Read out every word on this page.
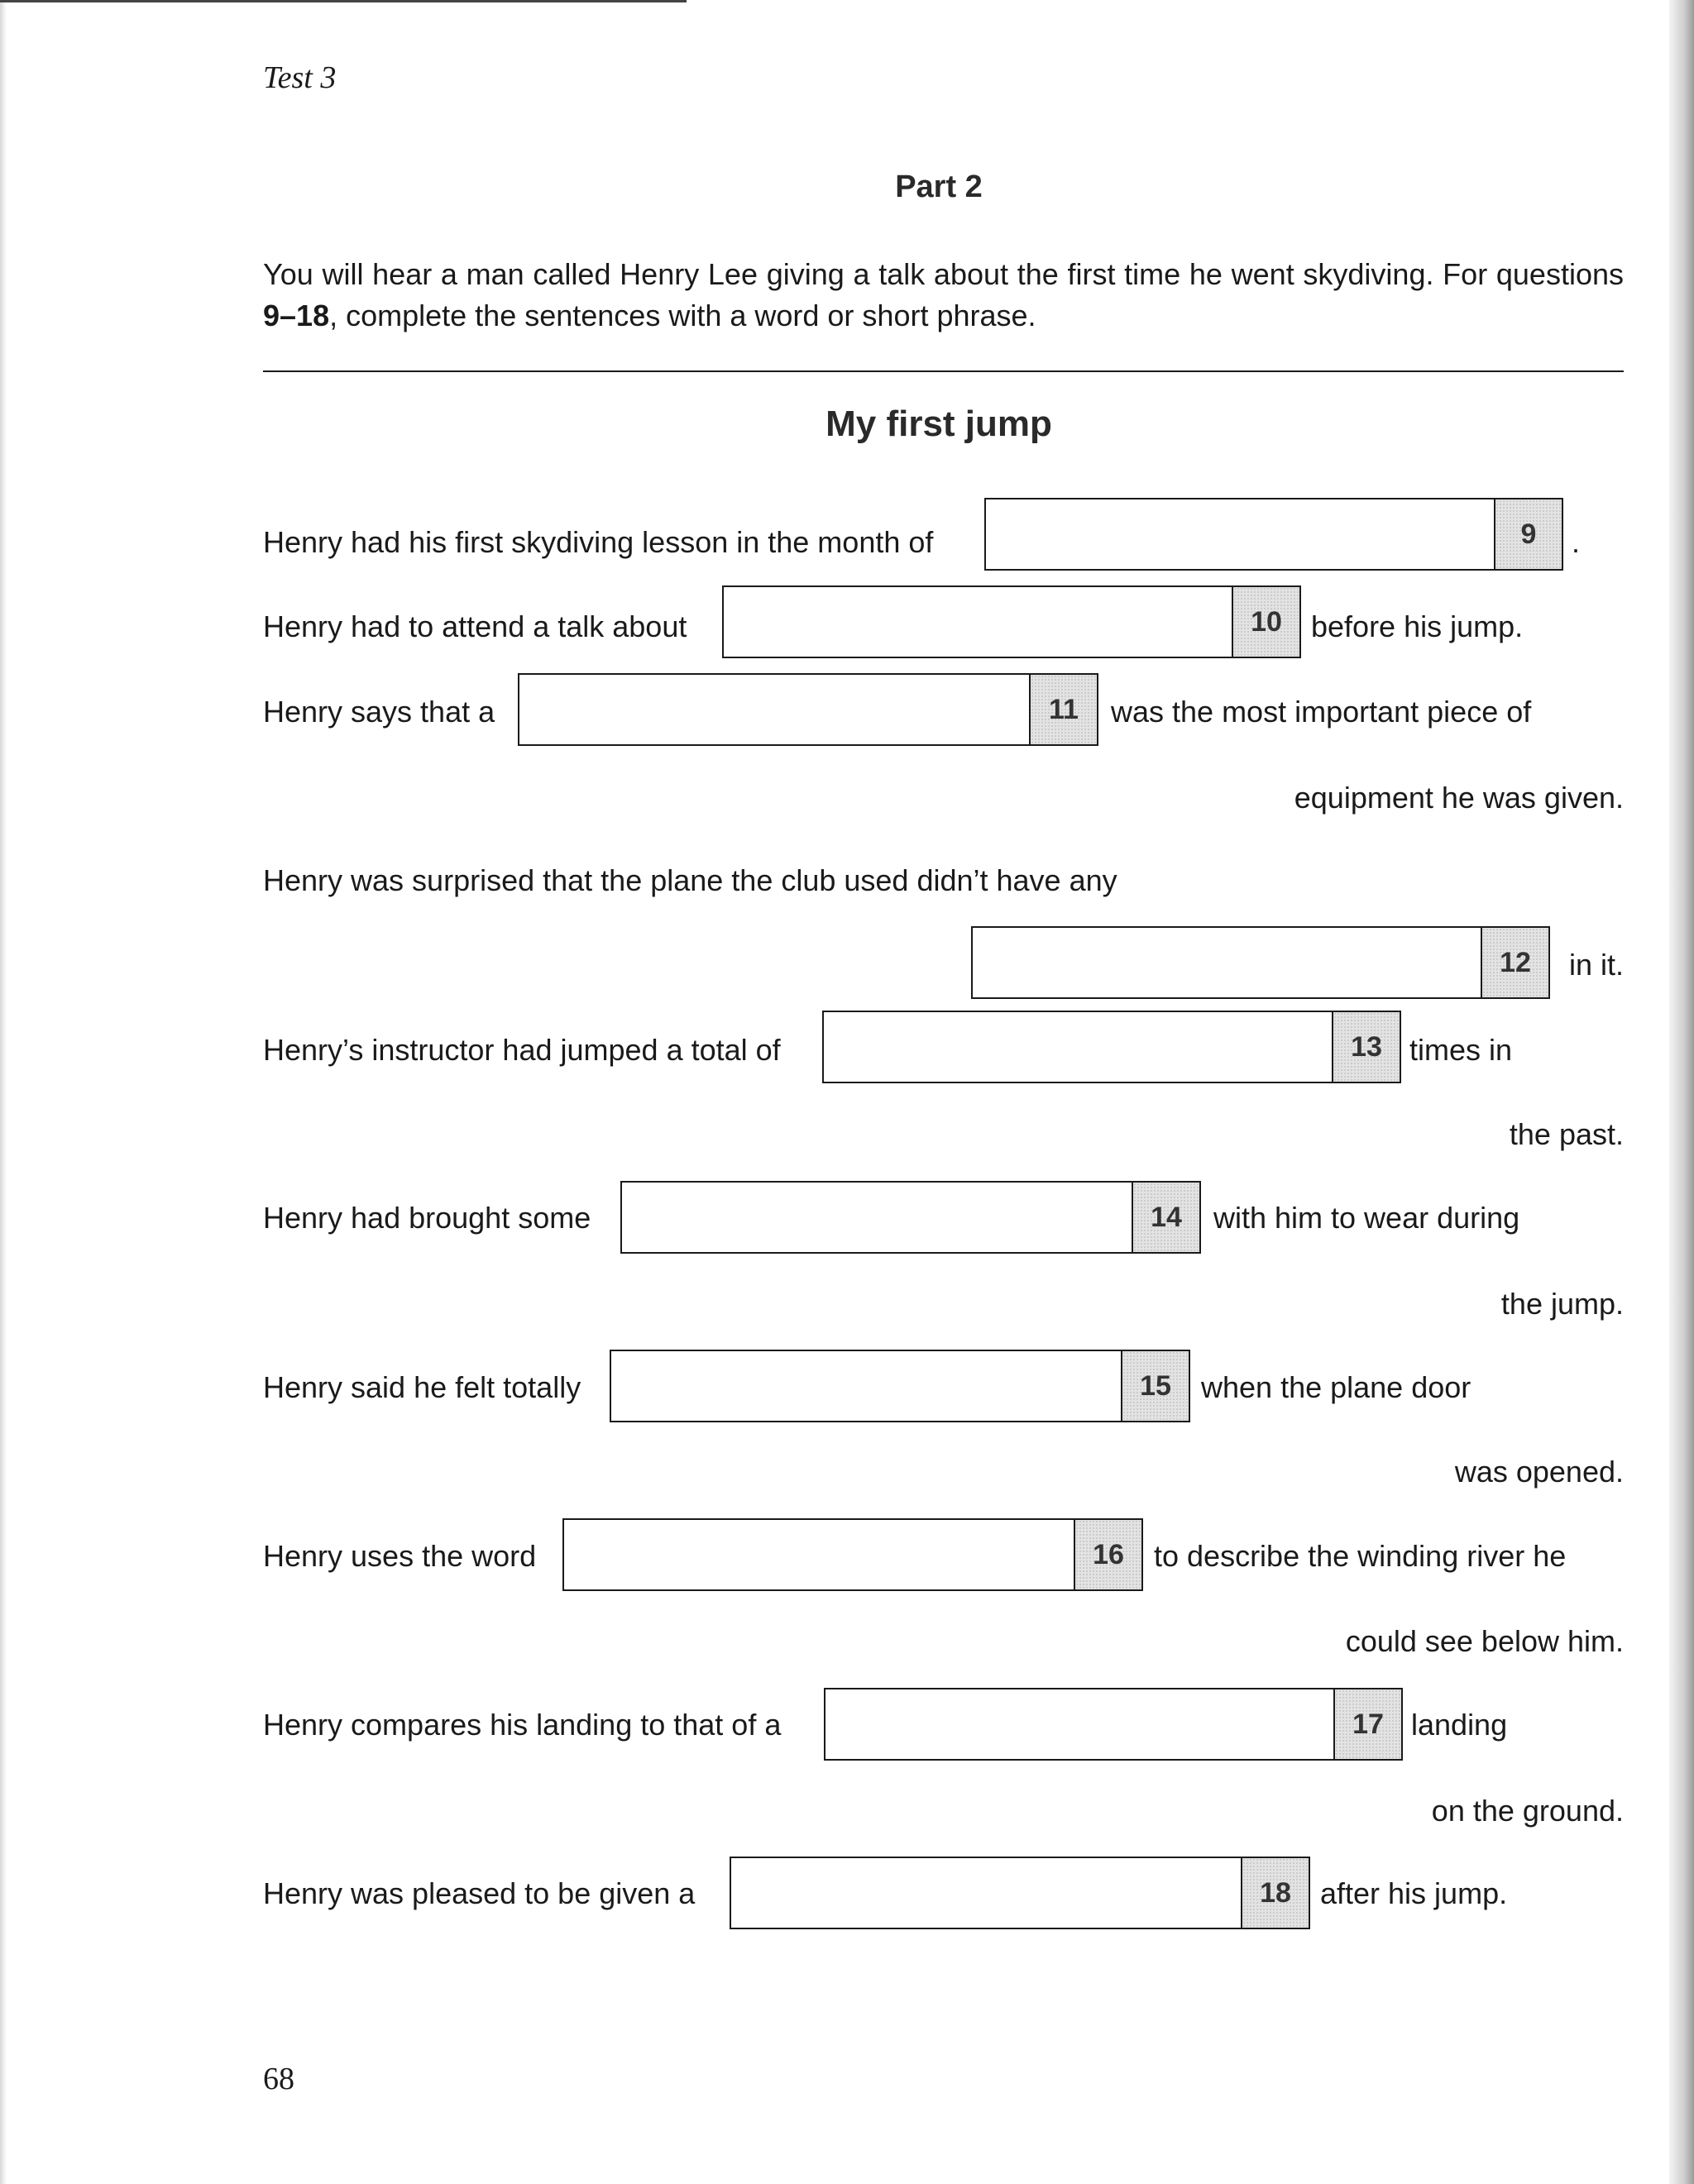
Test 3
Part 2
You will hear a man called Henry Lee giving a talk about the first time he went skydiving. For questions 9–18, complete the sentences with a word or short phrase.
My first jump
Henry had his first skydiving lesson in the month of	9	.
Henry had to attend a talk about	10 before his jump.
Henry says that a	11	was the most important piece of
equipment he was given.
Henry was surprised that the plane the club used didn’t have any
12	in it.
Henry’s instructor had jumped a total of	13 times in
the past.
Henry had brought some	14	with him to wear during
the jump.
Henry said he felt totally	15	when the plane door
was opened.
Henry uses the word	16	to describe the winding river he
could see below him.
Henry compares his landing to that of a	17 landing
on the ground.
Henry was pleased to be given a	18 after his jump.
68
